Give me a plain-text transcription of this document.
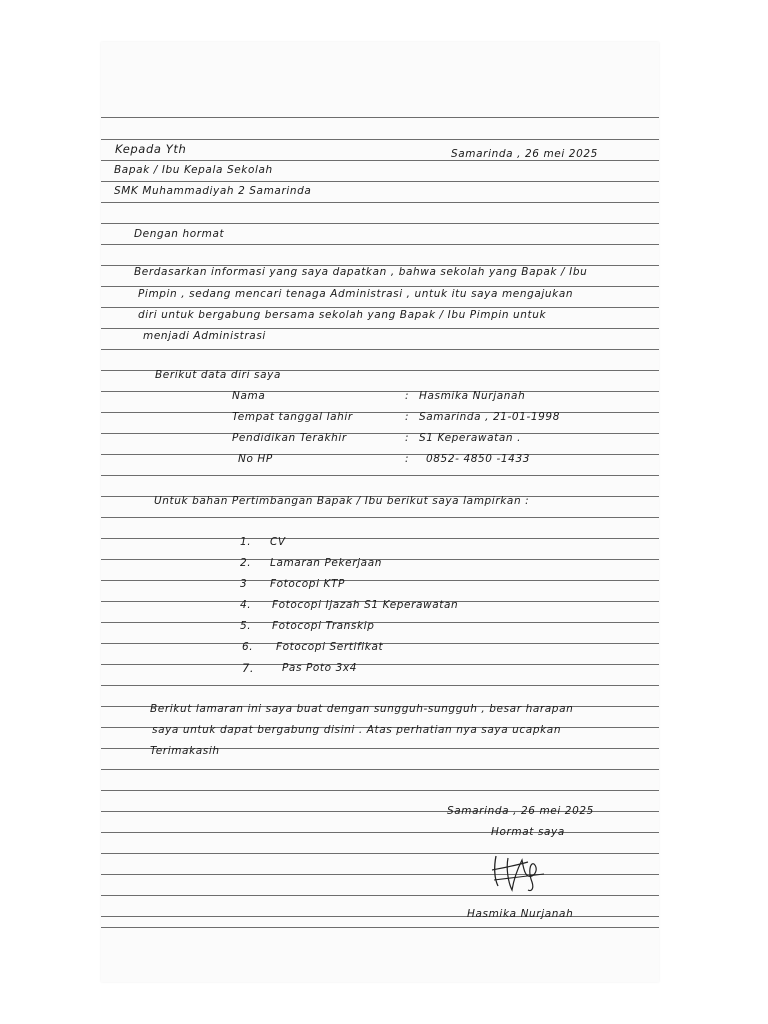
Kepada Yth	Samarinda , 26 mei 2025
Bapak / Ibu Kepala Sekolah
SMK Muhammadiyah 2 Samarinda
Dengan hormat
Berdasarkan informasi yang saya dapatkan , bahwa sekolah yang Bapak / Ibu
Pimpin , sedang mencari tenaga Administrasi , untuk itu saya mengajukan
diri untuk bergabung bersama sekolah yang Bapak / Ibu Pimpin untuk
menjadi Administrasi
Berikut data diri saya
Nama	: Hasmika Nurjanah
Tempat tanggal lahir	: Samarinda , 21-01-1998
Pendidikan Terakhir	: S1 Keperawatan .
No HP	: 0852- 4850 -1433
Untuk bahan Pertimbangan Bapak / Ibu berikut saya lampirkan :
1. CV
2. Lamaran Pekerjaan
3 Fotocopi KTP
4. Fotocopi Ijazah S1 Keperawatan
5. Fotocopi Transkip
6. Fotocopi Sertifikat
7.	Pas Poto 3x4
Berikut lamaran ini saya buat dengan sungguh-sungguh , besar harapan
saya untuk dapat bergabung disini . Atas perhatian nya saya ucapkan
Terimakasih
Samarinda , 26 mei 2025
Hormat saya
Hasmika Nurjanah
